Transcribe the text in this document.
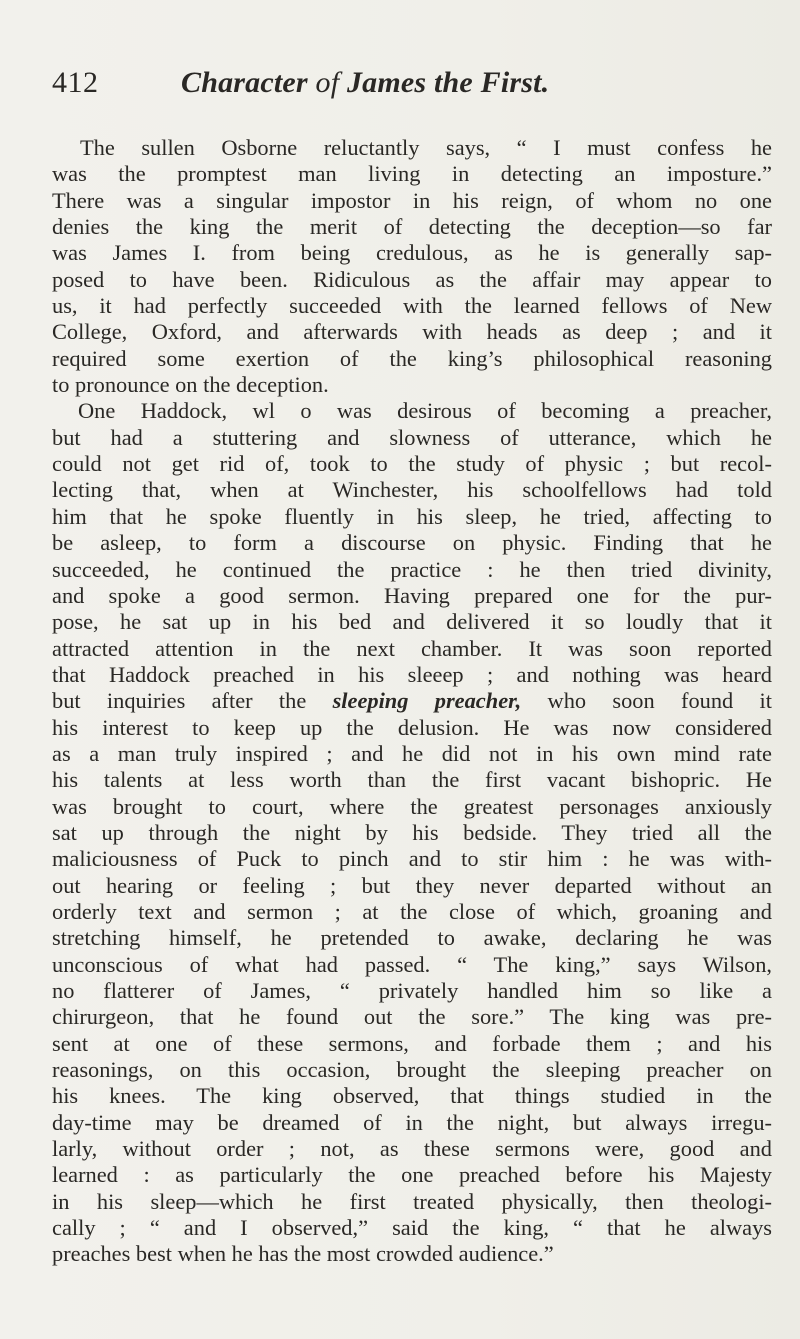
412	Character of James the First.
The sullen Osborne reluctantly says, “ I must confess he
was the promptest man living in detecting an imposture.”
There was a singular impostor in his reign, of whom no one
denies the king the merit of detecting the deception—so far
was James I. from being credulous, as he is generally sap-
posed to have been. Ridiculous as the affair may appear to
us, it had perfectly succeeded with the learned fellows of New
College, Oxford, and afterwards with heads as deep ; and it
required some exertion of the king’s philosophical reasoning
to pronounce on the deception.
One Haddock, wl o was desirous of becoming a preacher,
but had a stuttering and slowness of utterance, which he
could not get rid of, took to the study of physic ; but recol-
lecting that, when at Winchester, his schoolfellows had told
him that he spoke fluently in his sleep, he tried, affecting to
be asleep, to form a discourse on physic. Finding that he
succeeded, he continued the practice : he then tried divinity,
and spoke a good sermon. Having prepared one for the pur-
pose, he sat up in his bed and delivered it so loudly that it
attracted attention in the next chamber. It was soon reported
that Haddock preached in his sleeep ; and nothing was heard
but inquiries after the sleeping preacher, who soon found it
his interest to keep up the delusion. He was now considered
as a man truly inspired ; and he did not in his own mind rate
his talents at less worth than the first vacant bishopric. He
was brought to court, where the greatest personages anxiously
sat up through the night by his bedside. They tried all the
maliciousness of Puck to pinch and to stir him : he was with-
out hearing or feeling ; but they never departed without an
orderly text and sermon ; at the close of which, groaning and
stretching himself, he pretended to awake, declaring he was
unconscious of what had passed. “ The king,” says Wilson,
no flatterer of James, “ privately handled him so like a
chirurgeon, that he found out the sore.” The king was pre-
sent at one of these sermons, and forbade them ; and his
reasonings, on this occasion, brought the sleeping preacher on
his knees. The king observed, that things studied in the
day-time may be dreamed of in the night, but always irregu-
larly, without order ; not, as these sermons were, good and
learned : as particularly the one preached before his Majesty
in his sleep—which he first treated physically, then theologi-
cally ; “ and I observed,” said the king, “ that he always
preaches best when he has the most crowded audience.”
